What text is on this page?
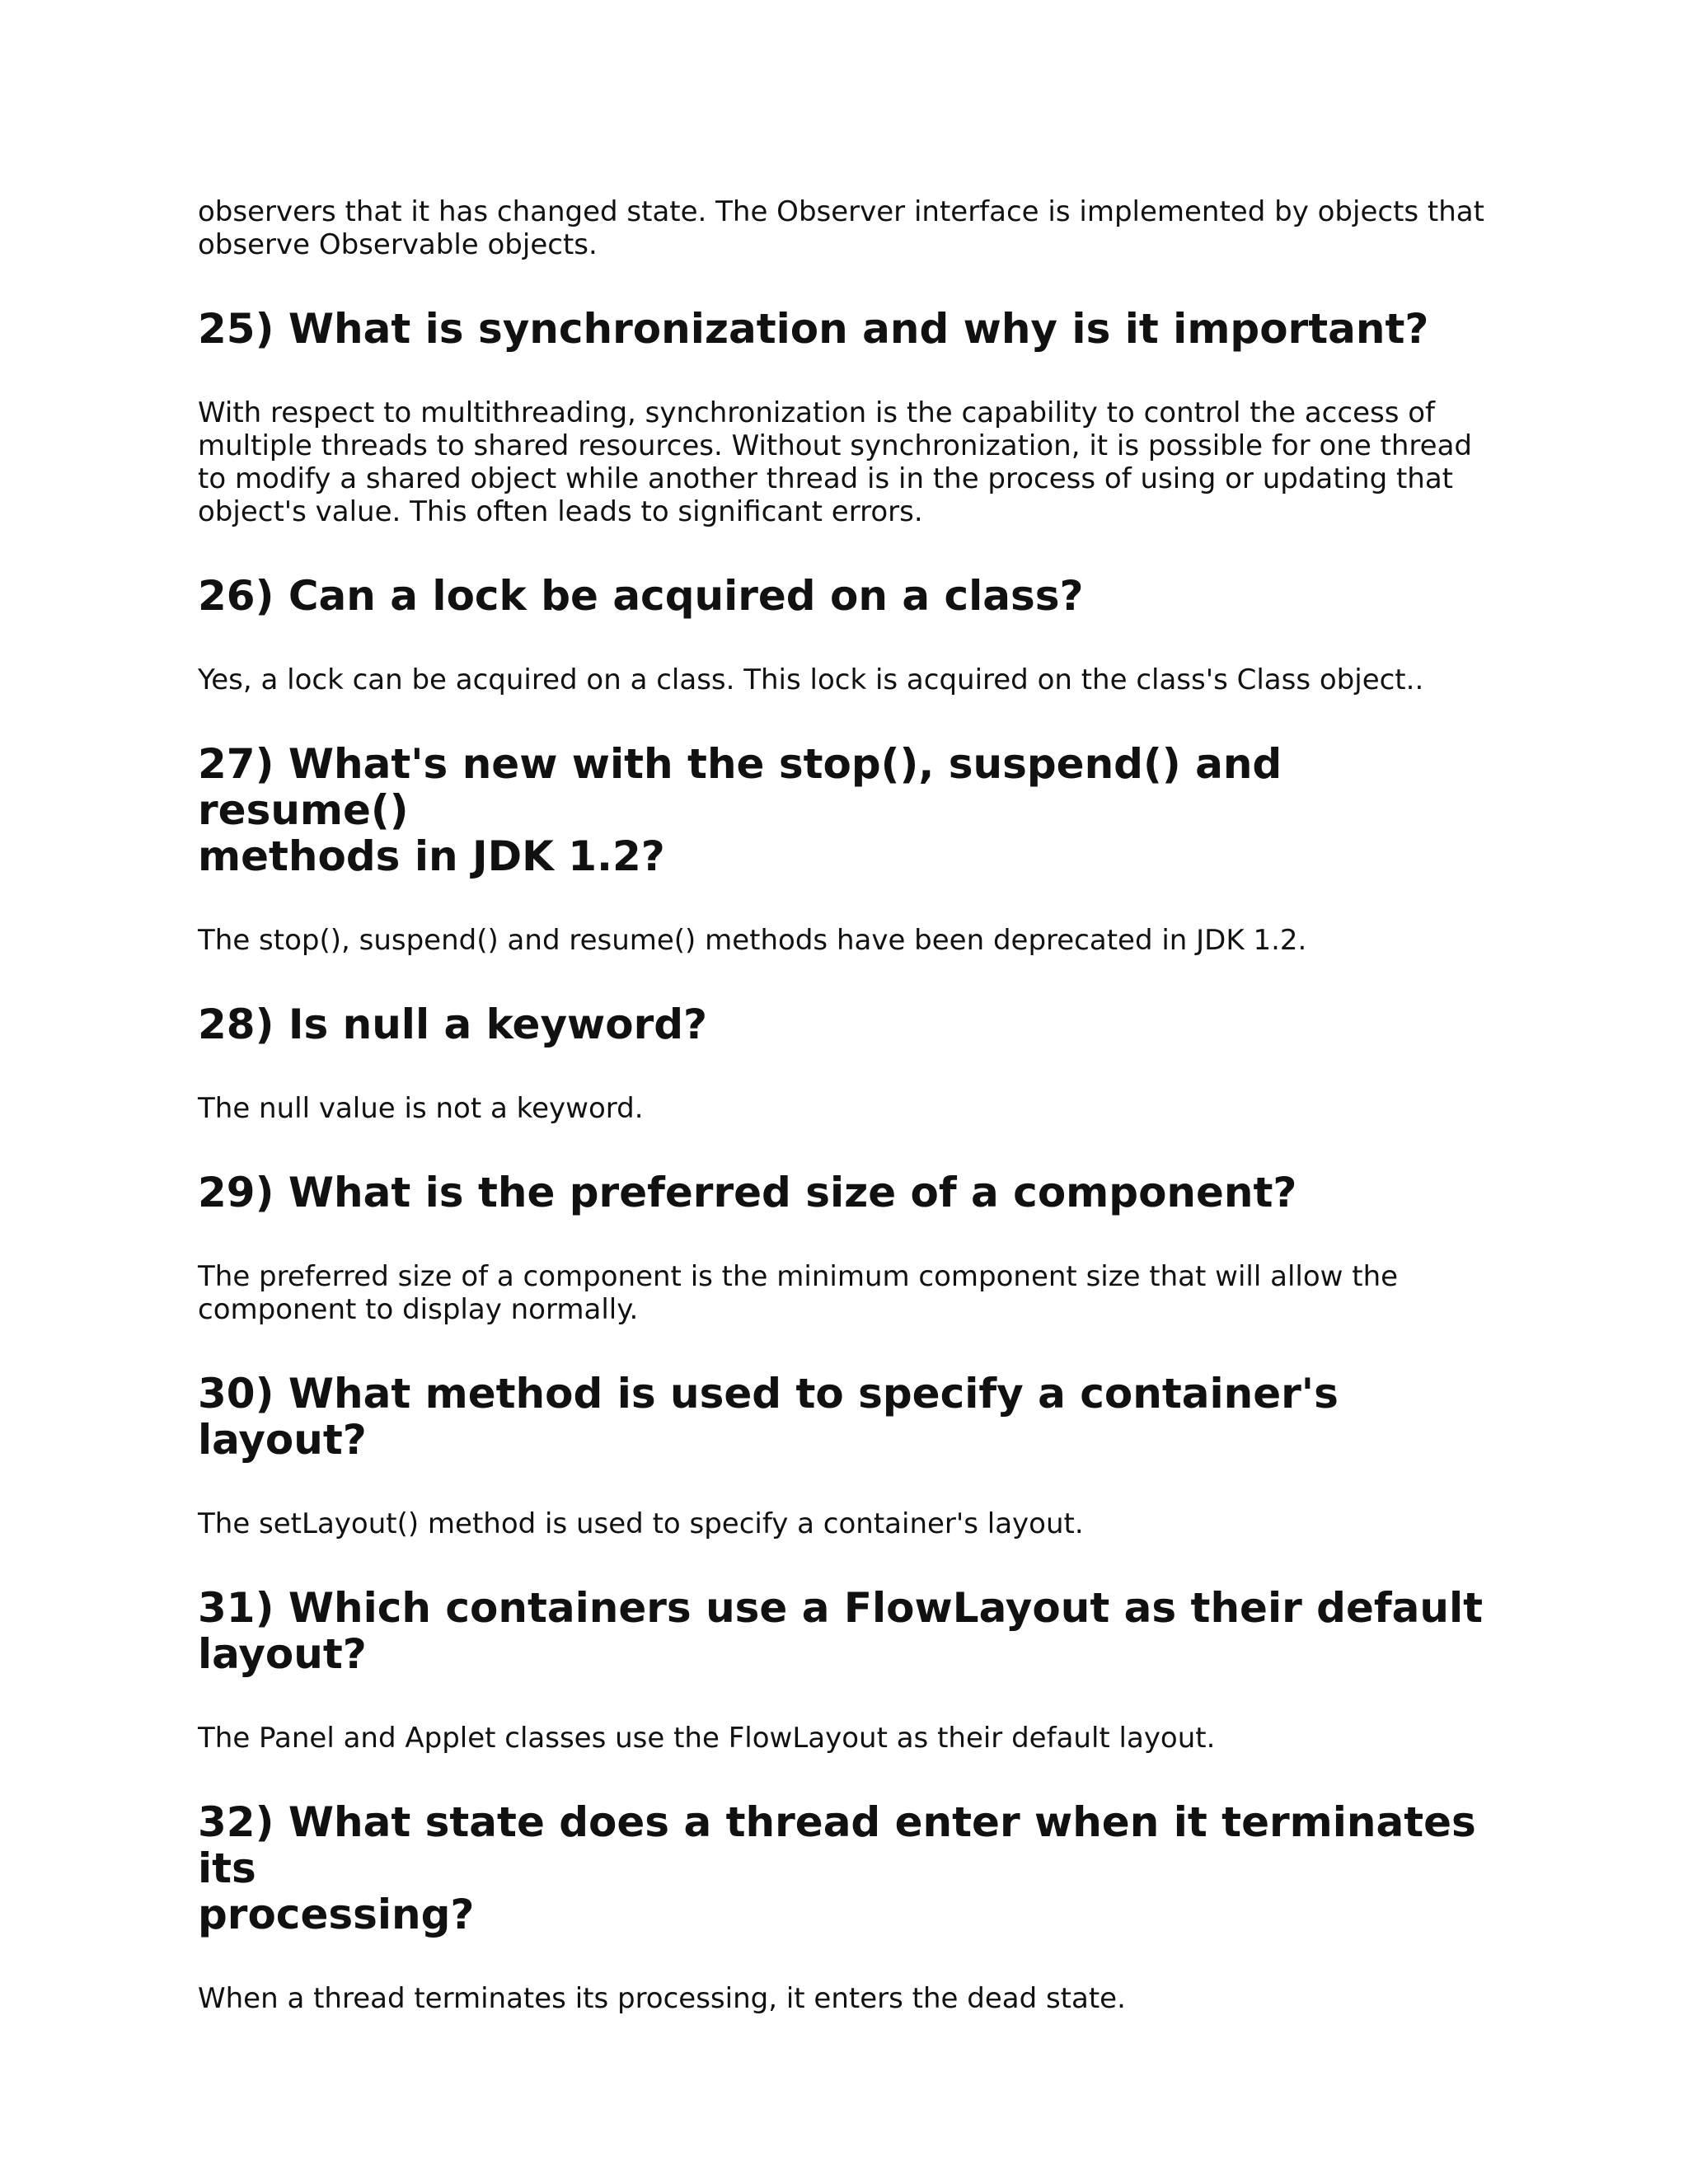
observers that it has changed state. The Observer interface is implemented by objects that
observe Observable objects.

25) What is synchronization and why is it important?

With respect to multithreading, synchronization is the capability to control the access of
multiple threads to shared resources. Without synchronization, it is possible for one thread
to modify a shared object while another thread is in the process of using or updating that
object's value. This often leads to significant errors.

26) Can a lock be acquired on a class?

Yes, a lock can be acquired on a class. This lock is acquired on the class's Class object..

27) What's new with the stop(), suspend() and resume()
methods in JDK 1.2?

The stop(), suspend() and resume() methods have been deprecated in JDK 1.2.

28) Is null a keyword?

The null value is not a keyword.

29) What is the preferred size of a component?

The preferred size of a component is the minimum component size that will allow the
component to display normally.

30) What method is used to specify a container's layout?

The setLayout() method is used to specify a container's layout.

31) Which containers use a FlowLayout as their default
layout?

The Panel and Applet classes use the FlowLayout as their default layout.

32) What state does a thread enter when it terminates its
processing?

When a thread terminates its processing, it enters the dead state.
